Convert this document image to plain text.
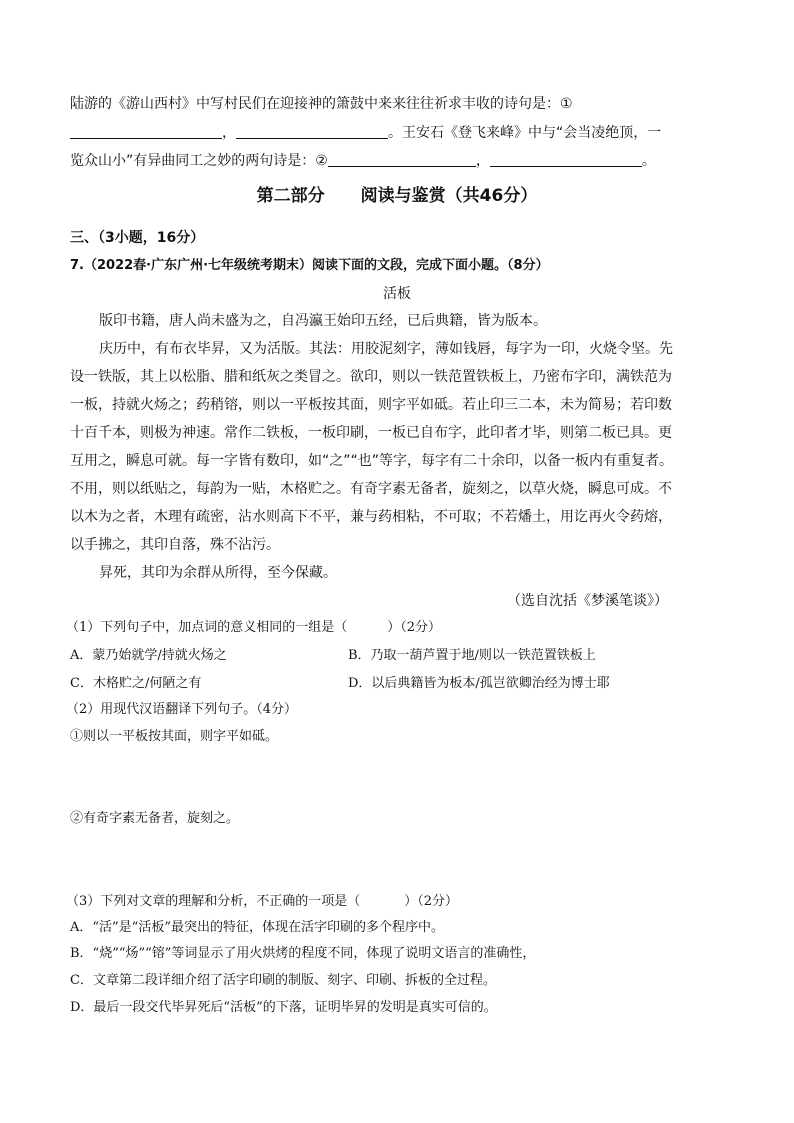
陆游的《游山西村》中写村民们在迎接神的箫鼓中来来往往祈求丰收的诗句是：①
，	。王安石《登飞来峰》中与“会当凌绝顶，一
览众山小”有异曲同工之妙的两句诗是：②	，	。
第二部分 阅读与鉴赏（共46分）
三、（3小题，16分）
7.（2022春·广东广州·七年级统考期末）阅读下面的文段，完成下面小题。（8分）
活板
版印书籍，唐人尚未盛为之，自冯瀛王始印五经，已后典籍，皆为版本。
庆历中，有布衣毕昇，又为活版。其法：用胶泥刻字，薄如钱唇，每字为一印，火烧令坚。先
设一铁版，其上以松脂、腊和纸灰之类冒之。欲印，则以一铁范置铁板上，乃密布字印，满铁范为
一板，持就火炀之；药稍镕，则以一平板按其面，则字平如砥。若止印三二本，未为简易；若印数
十百千本，则极为神速。常作二铁板，一板印刷，一板已自布字，此印者才毕，则第二板已具。更
互用之，瞬息可就。每一字皆有数印，如“之”“也”等字，每字有二十余印，以备一板内有重复者。
不用，则以纸贴之，每韵为一贴，木格贮之。有奇字素无备者，旋刻之，以草火烧，瞬息可成。不
以木为之者，木理有疏密，沾水则高下不平，兼与药相粘，不可取；不若燔土，用讫再火令药熔，
以手拂之，其印自落，殊不沾污。
昇死，其印为余群从所得，至今保藏。
（选自沈括《梦溪笔谈》）
（1）下列句子中，加点词的意义相同的一组是（	）（2分）
A．蒙乃始就学/持就火炀之	B．乃取一葫芦置于地/则以一铁范置铁板上
C．木格贮之/何陋之有	D．以后典籍皆为板本/孤岂欲卿治经为博士耶
（2）用现代汉语翻译下列句子。（4分）
①则以一平板按其面，则字平如砥。
②有奇字素无备者，旋刻之。
（3）下列对文章的理解和分析，不正确的一项是（	）（2分）
A．“活”是“活板”最突出的特征，体现在活字印刷的多个程序中。
B．“烧”“炀”“镕”等词显示了用火烘烤的程度不同，体现了说明文语言的准确性，
C．文章第二段详细介绍了活字印刷的制版、刻字、印刷、拆板的全过程。
D．最后一段交代毕昇死后“活板”的下落，证明毕昇的发明是真实可信的。
